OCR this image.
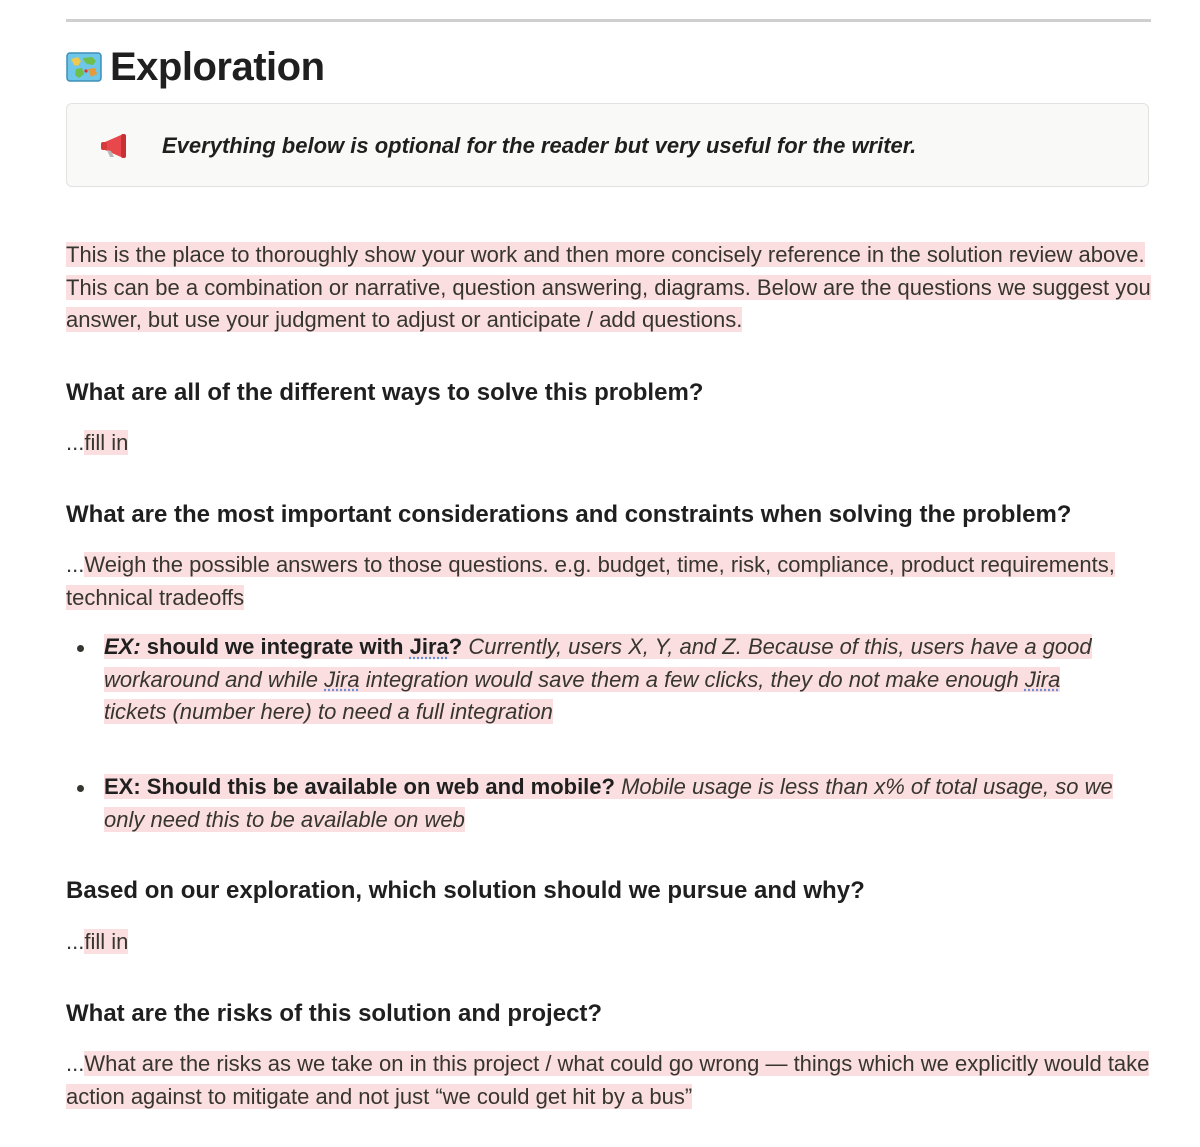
Exploration
Everything below is optional for the reader but very useful for the writer.
This is the place to thoroughly show your work and then more concisely reference in the solution review above. This can be a combination or narrative, question answering, diagrams. Below are the questions we suggest you answer, but use your judgment to adjust or anticipate / add questions.
What are all of the different ways to solve this problem?
...fill in
What are the most important considerations and constraints when solving the problem?
...Weigh the possible answers to those questions. e.g. budget, time, risk, compliance, product requirements, technical tradeoffs
EX: should we integrate with Jira? Currently, users X, Y, and Z. Because of this, users have a good workaround and while Jira integration would save them a few clicks, they do not make enough Jira tickets (number here) to need a full integration
EX: Should this be available on web and mobile? Mobile usage is less than x% of total usage, so we only need this to be available on web
Based on our exploration, which solution should we pursue and why?
...fill in
What are the risks of this solution and project?
...What are the risks as we take on in this project / what could go wrong — things which we explicitly would take action against to mitigate and not just “we could get hit by a bus”
